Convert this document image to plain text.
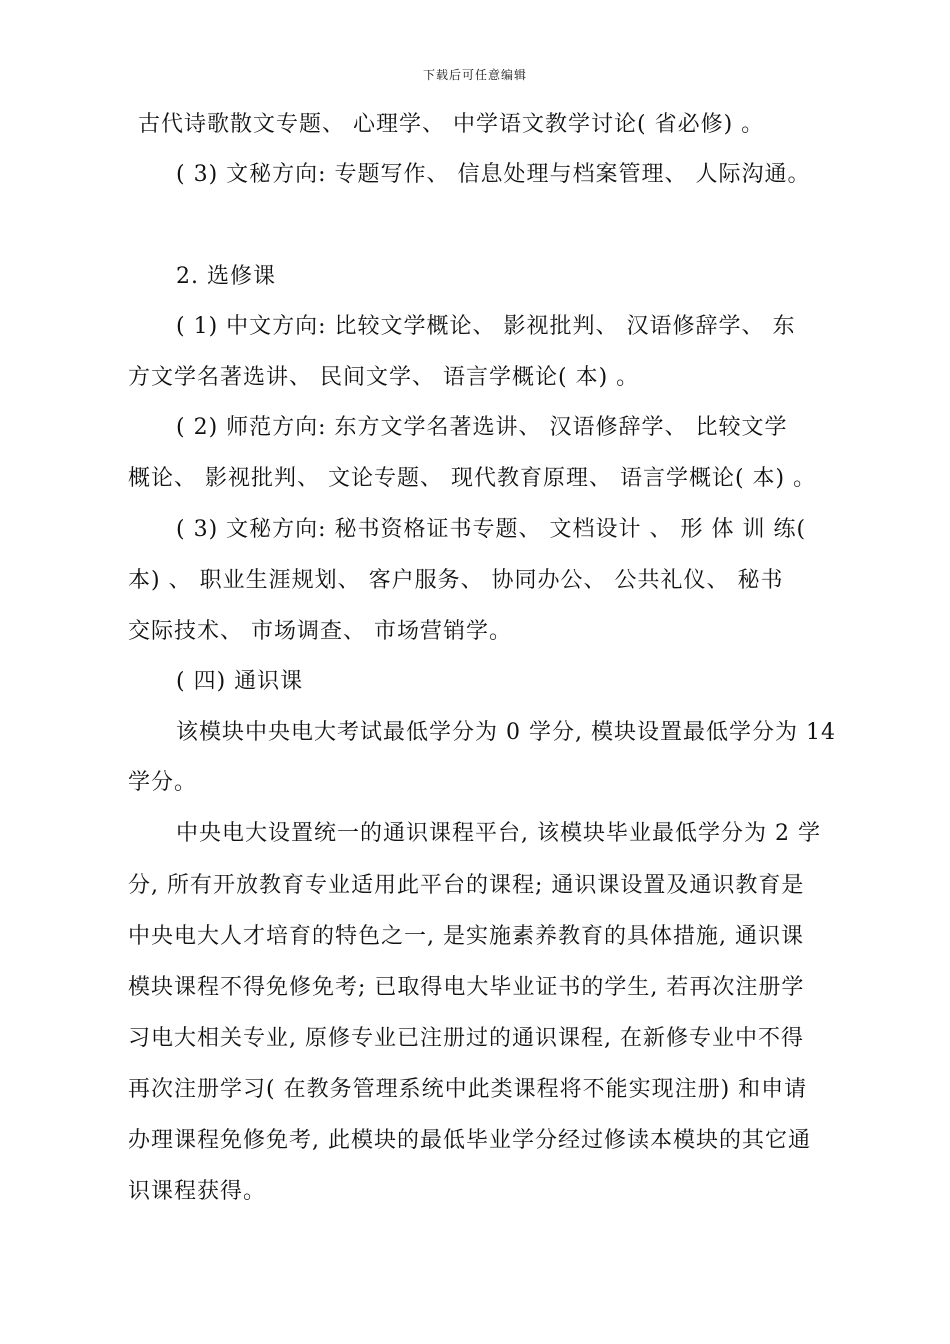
下载后可任意编辑
古代诗歌散文专题、 心理学、 中学语文教学讨论( 省必修) 。
( 3) 文秘方向: 专题写作、 信息处理与档案管理、 人际沟通。
2. 选修课
( 1) 中文方向: 比较文学概论、 影视批判、 汉语修辞学、 东
方文学名著选讲、 民间文学、 语言学概论( 本) 。
( 2) 师范方向: 东方文学名著选讲、 汉语修辞学、 比较文学
概论、 影视批判、 文论专题、 现代教育原理、 语言学概论( 本) 。
( 3) 文秘方向: 秘书资格证书专题、 文档设计 、 形 体 训 练(
本) 、 职业生涯规划、 客户服务、 协同办公、 公共礼仪、 秘书
交际技术、 市场调查、 市场营销学。
( 四) 通识课
该模块中央电大考试最低学分为 0 学分, 模块设置最低学分为 14
学分。
中央电大设置统一的通识课程平台, 该模块毕业最低学分为 2 学
分, 所有开放教育专业适用此平台的课程; 通识课设置及通识教育是
中央电大人才培育的特色之一, 是实施素养教育的具体措施, 通识课
模块课程不得免修免考; 已取得电大毕业证书的学生, 若再次注册学
习电大相关专业, 原修专业已注册过的通识课程, 在新修专业中不得
再次注册学习( 在教务管理系统中此类课程将不能实现注册) 和申请
办理课程免修免考, 此模块的最低毕业学分经过修读本模块的其它通
识课程获得。
